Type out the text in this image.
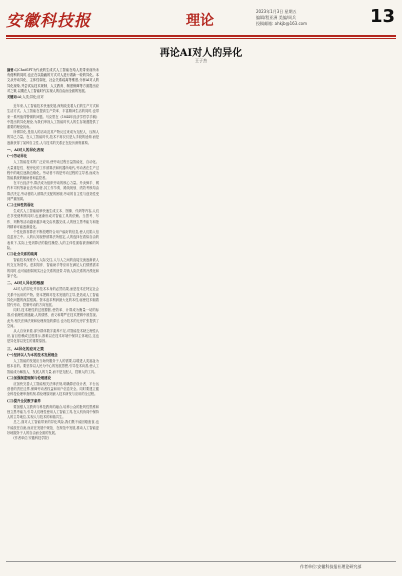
安徽科技报	理论
2023年1月3日 星期五
编辑/程亚洲 美编/周兵
投稿邮箱: ahkjb@163.com	13
再论AI对人的异化
王子杰
摘要:以ChatGPT为代表的生成式人工智能在给人类带来前所未有便利的同时,也正在以隐蔽的方式对人进行着新一轮的异化。本文从劳动异化、主体性弱化、社会关系疏离等维度,分析AI对人的异化现象,并尝试从技术规制、人文教育、制度保障等方面提出应对之策,以期在人工智能时代实现人的自由而全面的发展。
关键词:AI;人类;异化;应对

近年来,人工智能技术快速发展,深刻改变着人们的生产方式和生活方式。人工智能在提高生产效率、丰富精神生活的同时,也带来一系列值得警惕的问题。马克思在《1844年经济学哲学手稿》中提出的异化理论,为我们审视人工智能时代人的生存境遇提供了重要的理论视角。

所谓异化,是指人的活动及其产物反过来成为支配人、压制人的异己力量。在人工智能时代,技术不再仅仅是人手段的延伸,而是逐渐获得了某种自主性,人与技术的关系正在经历深刻重构。

一、AI对人的异化表现
(一)劳动异化

人工智能技术的广泛应用,使劳动过程日益智能化、自动化。大量重复性、程序化的工作被算法和机器所取代,劳动者在生产过程中的地位逐渐边缘化。劳动者不再是劳动过程的主导者,而成为智能系统的辅助者和监控者。

在平台经济中,算法成为组织劳动的核心力量。外卖骑手、网约车司机等新业态劳动者,其工作节奏、路线规划、绩效考核均由算法决定,劳动者陷入被算法支配的困境,劳动的自主性与创造性受到严重削弱。

(二)主体性的弱化

生成式人工智能能够快速生成文本、图像、代码等内容,人们在享受便利的同时,也逐渐形成对智能工具的依赖。当思考、写作、判断等活动越来越多地交由机器完成,人的独立思考能力和批判精神可能逐渐退化。

个性化推荐算法不断投喂符合用户偏好的信息,使人们陷入信息茧房之中。人的认知视野被算法所框定,人的选择在看似自由的表象下,实际上受到算法的隐性操控,人的主体性面临被消解的风险。

(三)社会关系的疏离

智能技术深度介入人际交往,人与人之间的直接交流逐渐被人机交互所替代。虚拟陪伴、智能助手等应用在满足人们情感需求的同时,也可能削弱现实社会关系的纽带,导致人际关系的冷漠化和原子化。

二、AI对人异化的根源

AI对人的异化并非技术本身的必然结果,而是技术在特定社会关系中运用的产物。资本逻辑对技术发展的主导,是造成人工智能异化问题的深层根源。资本追求利润最大化的本性,驱使技术朝着替代劳动、控制劳动的方向发展。

同时,技术理性的过度膨胀,使效率、计算成为衡量一切的标准,价值理性被遮蔽,人的情感、意义和尊严在技术逻辑中被忽视。此外,相关法律法规和伦理规范的滞后,也为技术的无序扩张提供了空间。

从人自身来看,部分群体数字素养不足,对智能技术缺乏理性认识,盲目依赖或过度排斥,都难以在技术环境中保持主体地位,这也是异化得以发生的重要原因。

三、AI异化的应对之策
(一)坚持以人为本的技术发展理念

人工智能的发展应当始终服务于人的需要,以增进人类福祉为根本目的。要坚持以人民为中心的发展思想,引导技术向善,使人工智能成为解放人、发展人的力量,而不是支配人、控制人的工具。

(二)加强制度规制与伦理建设

应加快完善人工智能相关法律法规,明确算法设计者、平台运营者的责任边界,保障劳动者权益和用户信息安全。同时要建立健全科技伦理审查机制,将伦理原则嵌入技术研发与应用的全过程。

(三)提升全民数字素养

要加强人文教育与科技教育的融合,培养公众的批判性思维和独立思考能力,引导人们理性使用人工智能工具,在人机协同中保持人的主导地位,实现人与技术的和谐共生。

总之,面对人工智能带来的异化风险,我们既不能因噎废食,也不能放任自流,而应在发展中规范、在规范中发展,推动人工智能更好地服务于人的自由而全面的发展。

(作者单位:安徽科技学院)

作者单位:安徽科技报社理论研究部
